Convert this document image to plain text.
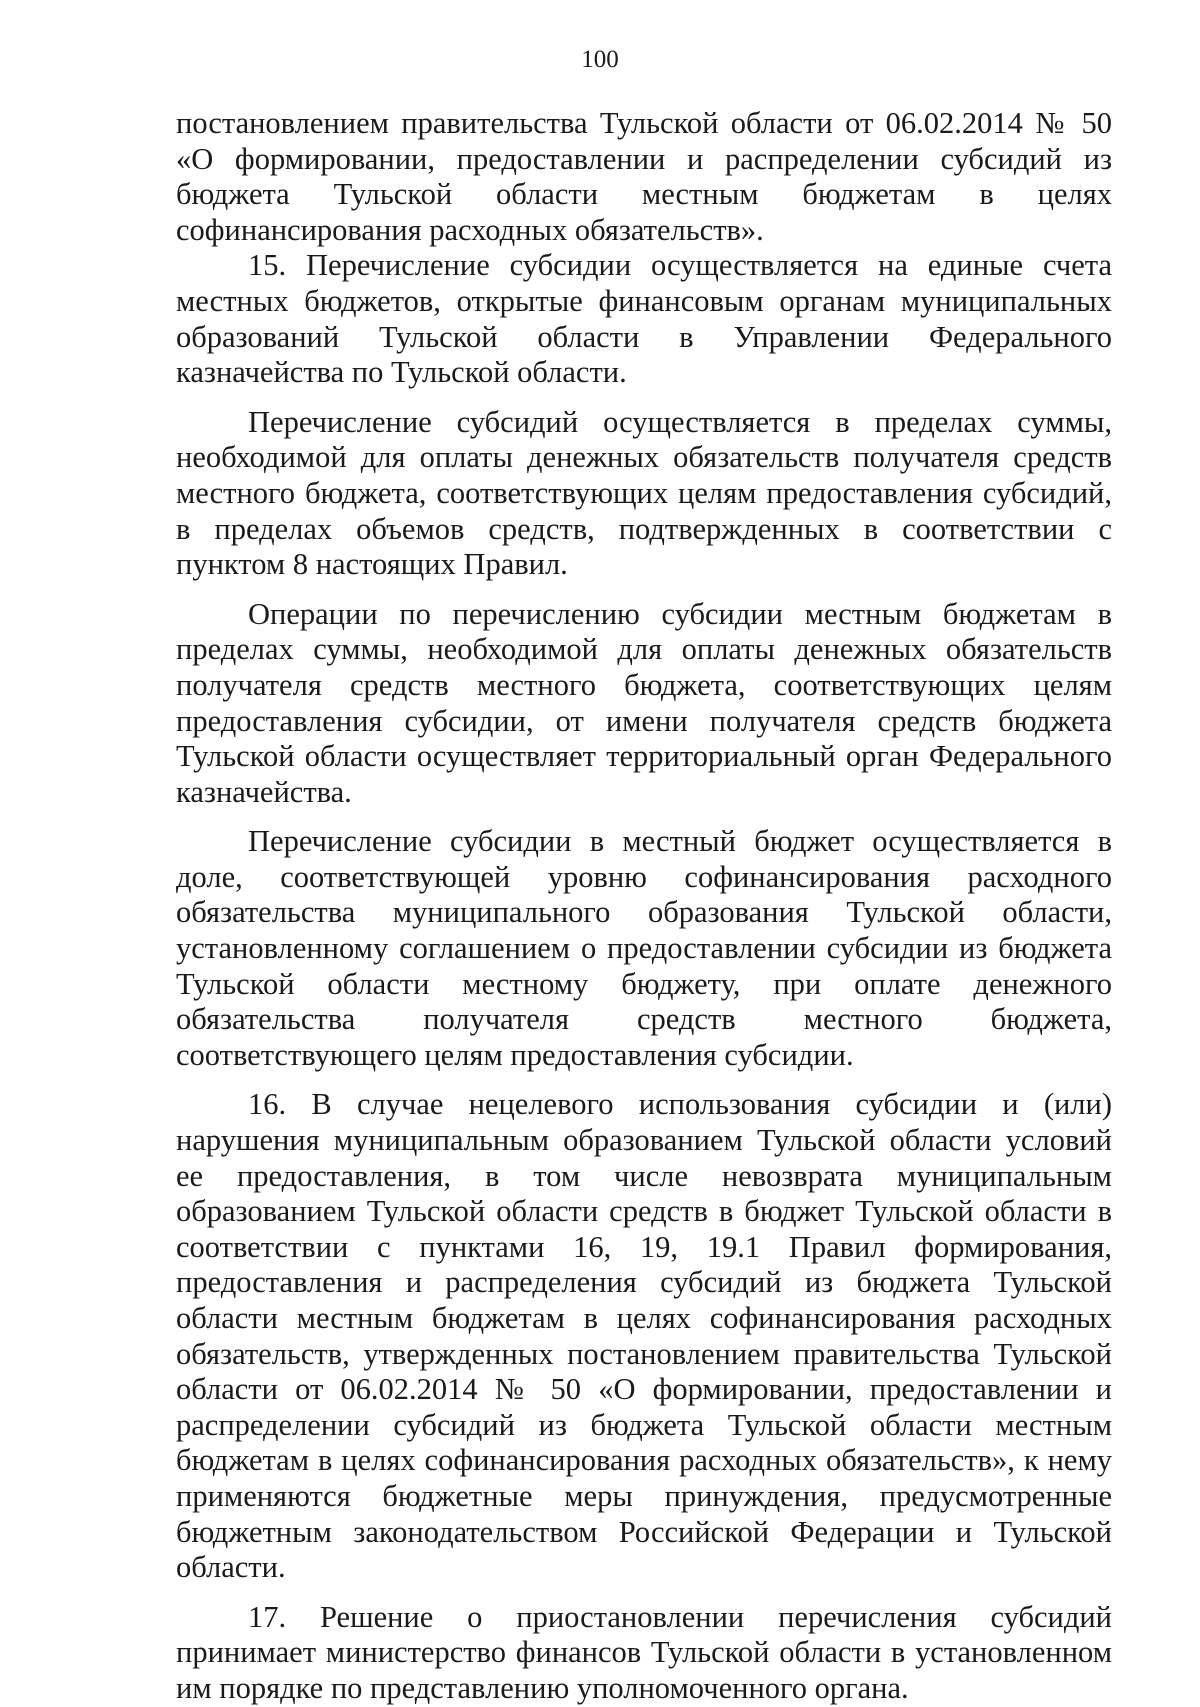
100

постановлением правительства Тульской области от 06.02.2014 № 50 «О формировании, предоставлении и распределении субсидий из бюджета Тульской области местным бюджетам в целях софинансирования расходных обязательств».

15. Перечисление субсидии осуществляется на единые счета местных бюджетов, открытые финансовым органам муниципальных образований Тульской области в Управлении Федерального казначейства по Тульской области.

Перечисление субсидий осуществляется в пределах суммы, необходимой для оплаты денежных обязательств получателя средств местного бюджета, соответствующих целям предоставления субсидий, в пределах объемов средств, подтвержденных в соответствии с пунктом 8 настоящих Правил.

Операции по перечислению субсидии местным бюджетам в пределах суммы, необходимой для оплаты денежных обязательств получателя средств местного бюджета, соответствующих целям предоставления субсидии, от имени получателя средств бюджета Тульской области осуществляет территориальный орган Федерального казначейства.

Перечисление субсидии в местный бюджет осуществляется в доле, соответствующей уровню софинансирования расходного обязательства муниципального образования Тульской области, установленному соглашением о предоставлении субсидии из бюджета Тульской области местному бюджету, при оплате денежного обязательства получателя средств местного бюджета, соответствующего целям предоставления субсидии.

16. В случае нецелевого использования субсидии и (или) нарушения муниципальным образованием Тульской области условий ее предоставления, в том числе невозврата муниципальным образованием Тульской области средств в бюджет Тульской области в соответствии с пунктами 16, 19, 19.1 Правил формирования, предоставления и распределения субсидий из бюджета Тульской области местным бюджетам в целях софинансирования расходных обязательств, утвержденных постановлением правительства Тульской области от 06.02.2014 № 50 «О формировании, предоставлении и распределении субсидий из бюджета Тульской области местным бюджетам в целях софинансирования расходных обязательств», к нему применяются бюджетные меры принуждения, предусмотренные бюджетным законодательством Российской Федерации и Тульской области.

17. Решение о приостановлении перечисления субсидий принимает министерство финансов Тульской области в установленном им порядке по представлению уполномоченного органа.
